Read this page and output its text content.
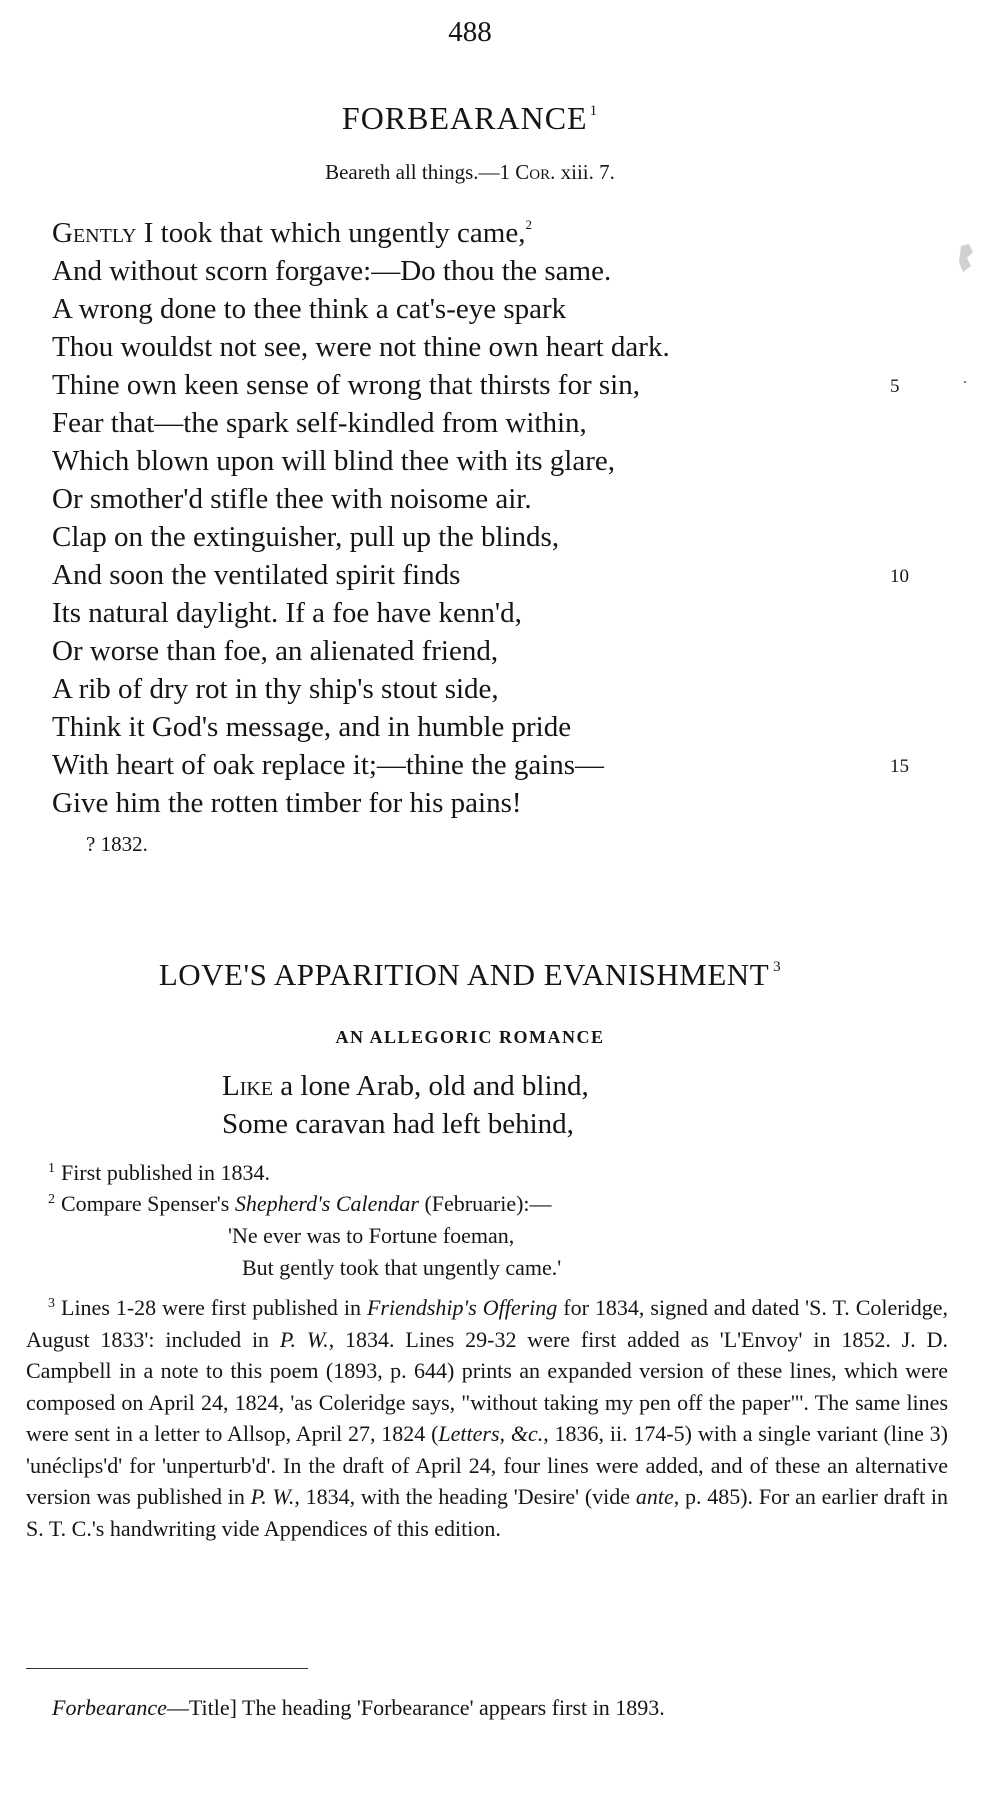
488
FORBEARANCE $^1$
Beareth all things.—1 Cor. xiii. 7.
Gently I took that which ungently came,$^2$
And without scorn forgave:—Do thou the same.
A wrong done to thee think a cat's-eye spark
Thou wouldst not see, were not thine own heart dark.
Thine own keen sense of wrong that thirsts for sin,
Fear that—the spark self-kindled from within,
Which blown upon will blind thee with its glare,
Or smother'd stifle thee with noisome air.
Clap on the extinguisher, pull up the blinds,
And soon the ventilated spirit finds
Its natural daylight. If a foe have kenn'd,
Or worse than foe, an alienated friend,
A rib of dry rot in thy ship's stout side,
Think it God's message, and in humble pride
With heart of oak replace it;—thine the gains—
Give him the rotten timber for his pains!
5
10
15
? 1832.
LOVE'S APPARITION AND EVANISHMENT $^3$
AN ALLEGORIC ROMANCE
Like a lone Arab, old and blind,
Some caravan had left behind,
$^1$ First published in 1834.
$^2$ Compare Spenser's Shepherd's Calendar (Februarie):—
'Ne ever was to Fortune foeman,
But gently took that ungently came.'
$^3$ Lines 1-28 were first published in Friendship's Offering for 1834, signed and dated 'S. T. Coleridge, August 1833': included in P. W., 1834. Lines 29-32 were first added as 'L'Envoy' in 1852. J. D. Campbell in a note to this poem (1893, p. 644) prints an expanded version of these lines, which were composed on April 24, 1824, 'as Coleridge says, "without taking my pen off the paper"'. The same lines were sent in a letter to Allsop, April 27, 1824 (Letters, &c., 1836, ii. 174-5) with a single variant (line 3) 'unéclips'd' for 'unperturb'd'. In the draft of April 24, four lines were added, and of these an alternative version was published in P. W., 1834, with the heading 'Desire' (vide ante, p. 485). For an earlier draft in S. T. C.'s handwriting vide Appendices of this edition.
Forbearance—Title] The heading 'Forbearance' appears first in 1893.
·
